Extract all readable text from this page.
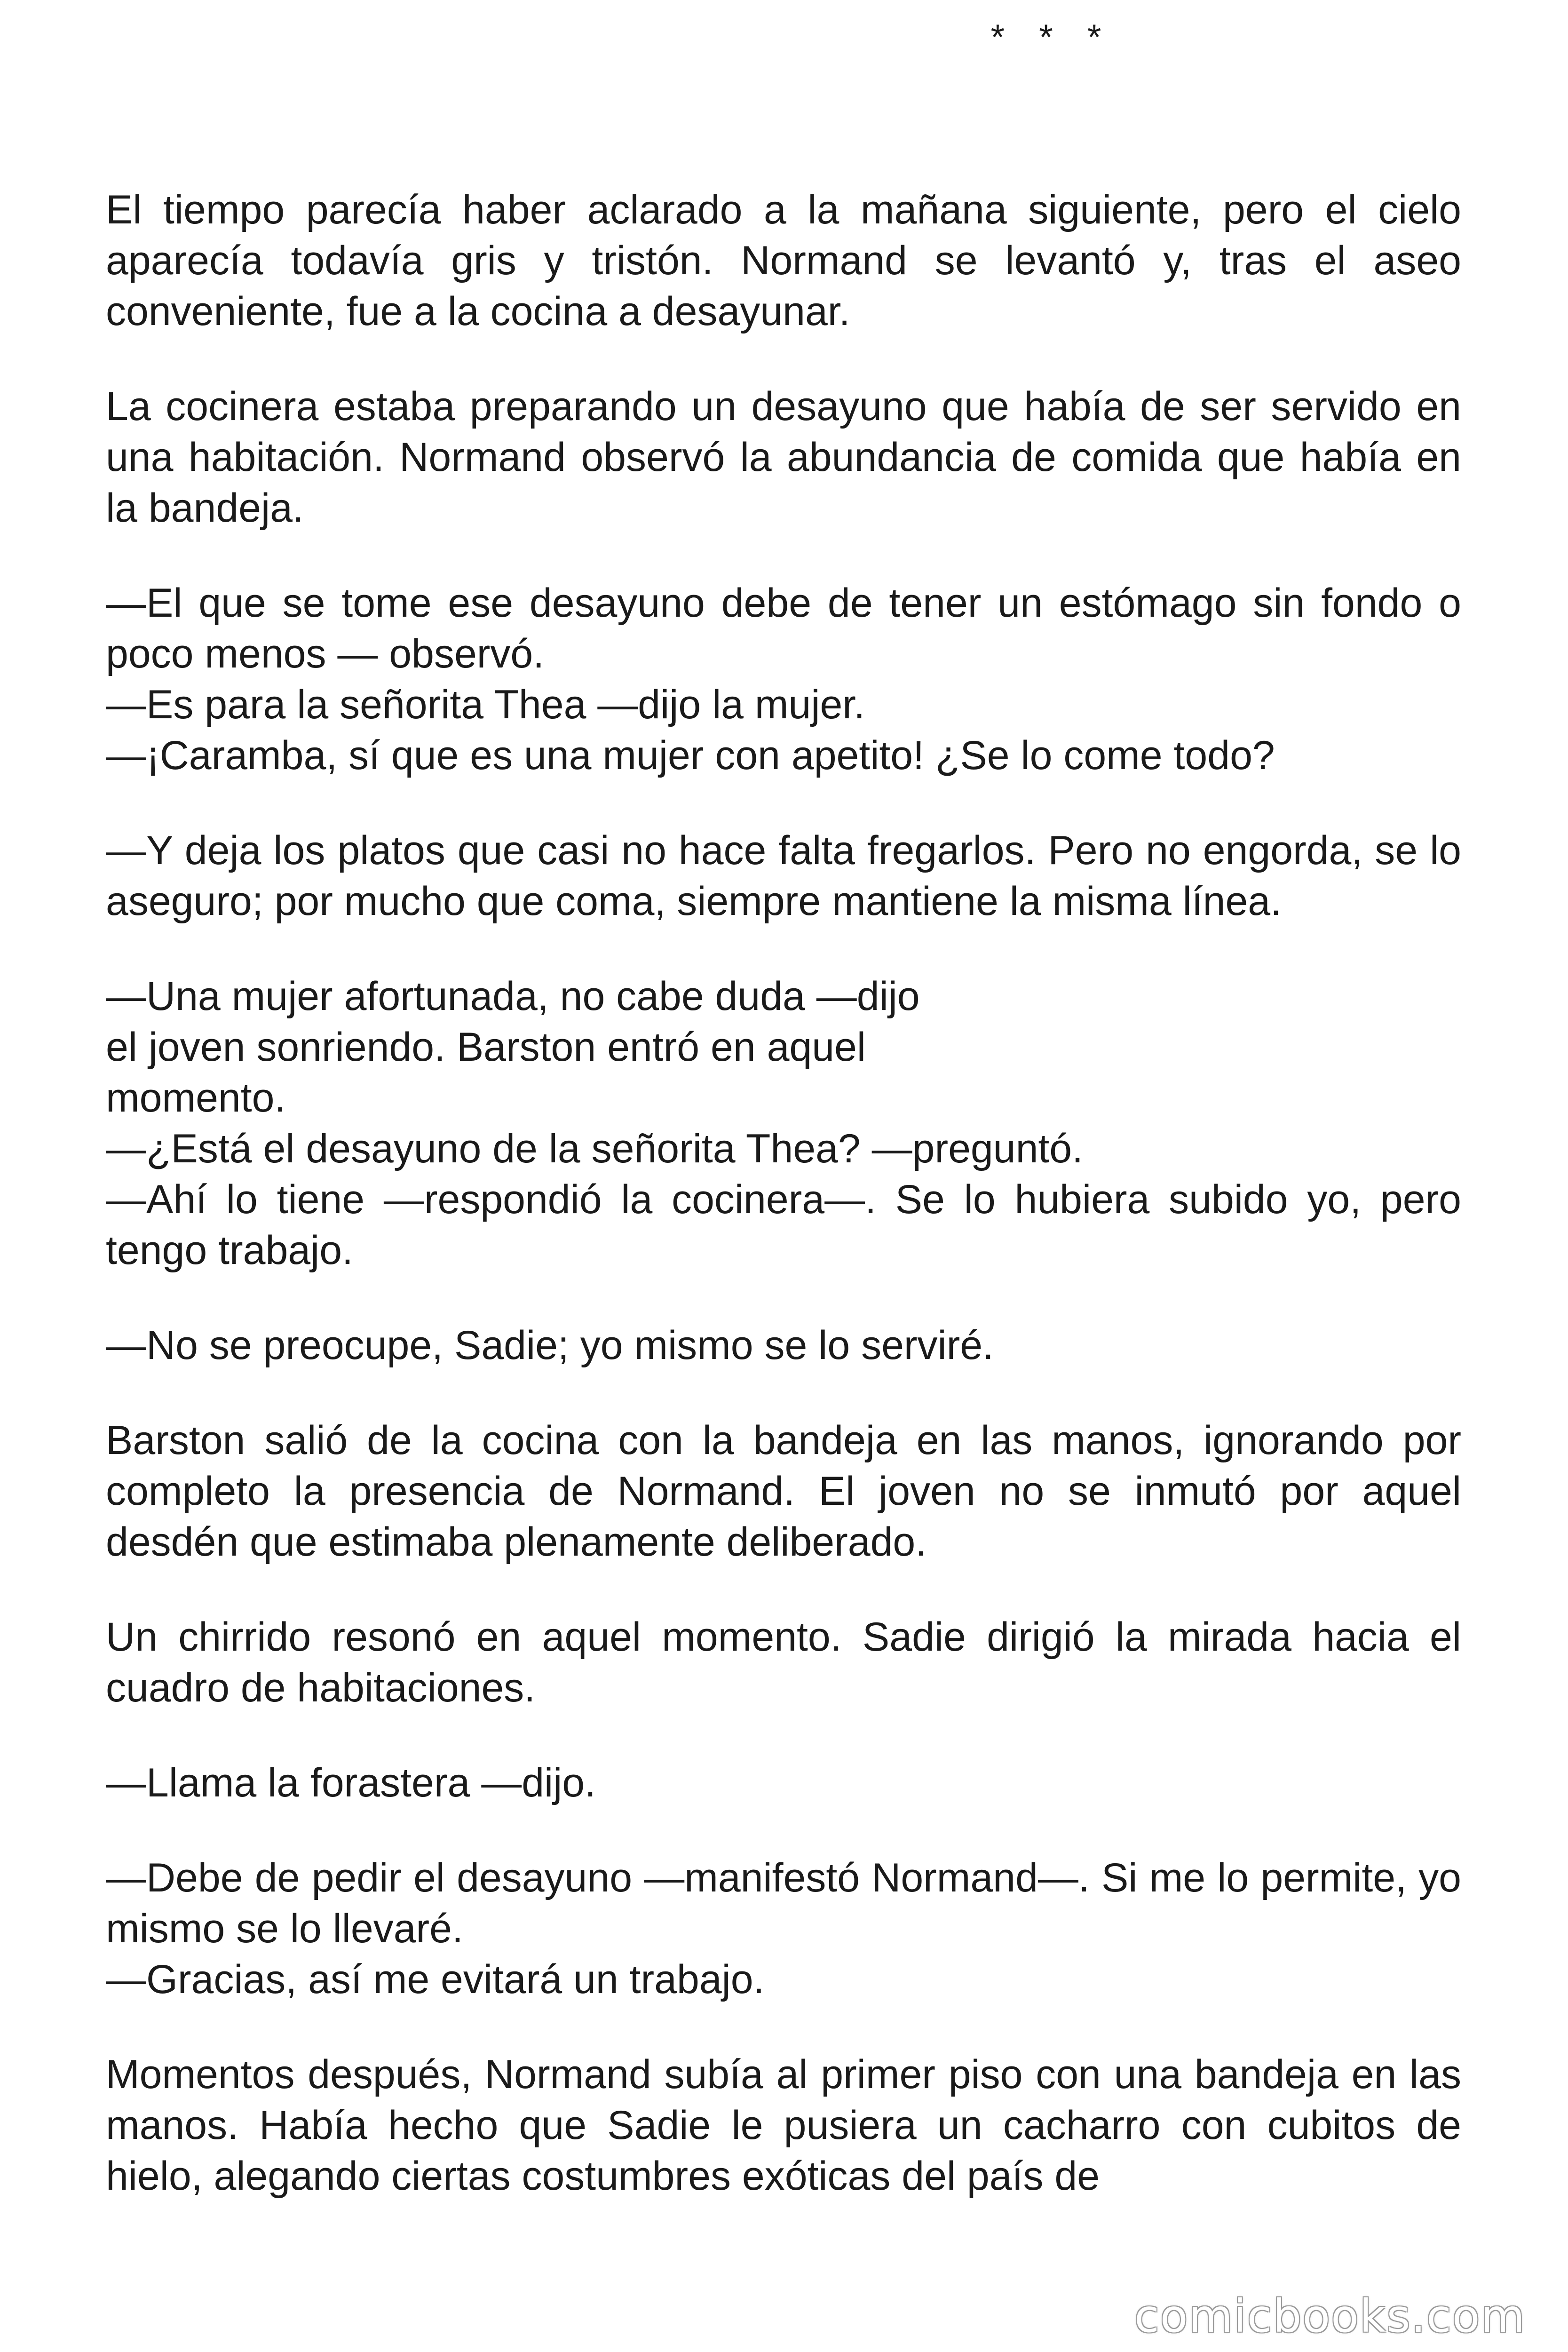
* * *

El tiempo parecía haber aclarado a la mañana siguiente, pero el cielo aparecía todavía gris y tristón. Normand se levantó y, tras el aseo conveniente, fue a la cocina a desayunar.

La cocinera estaba preparando un desayuno que había de ser servido en una habitación. Normand observó la abundancia de comida que había en la bandeja.

—El que se tome ese desayuno debe de tener un estómago sin fondo o poco menos — observó.
—Es para la señorita Thea —dijo la mujer.
—¡Caramba, sí que es una mujer con apetito! ¿Se lo come todo?

—Y deja los platos que casi no hace falta fregarlos. Pero no engorda, se lo aseguro; por mucho que coma, siempre mantiene la misma línea.

—Una mujer afortunada, no cabe duda —dijo
el joven sonriendo. Barston entró en aquel
momento.
—¿Está el desayuno de la señorita Thea? —preguntó.
—Ahí lo tiene —respondió la cocinera—. Se lo hubiera subido yo, pero tengo trabajo.

—No se preocupe, Sadie; yo mismo se lo serviré.

Barston salió de la cocina con la bandeja en las manos, ignorando por completo la presencia de Normand. El joven no se inmutó por aquel desdén que estimaba plenamente deliberado.

Un chirrido resonó en aquel momento. Sadie dirigió la mirada hacia el cuadro de habitaciones.

—Llama la forastera —dijo.

—Debe de pedir el desayuno —manifestó Normand—. Si me lo permite, yo mismo se lo llevaré.
—Gracias, así me evitará un trabajo.

Momentos después, Normand subía al primer piso con una bandeja en las manos. Había hecho que Sadie le pusiera un cacharro con cubitos de hielo, alegando ciertas costumbres exóticas del país de

comicbooks.com
